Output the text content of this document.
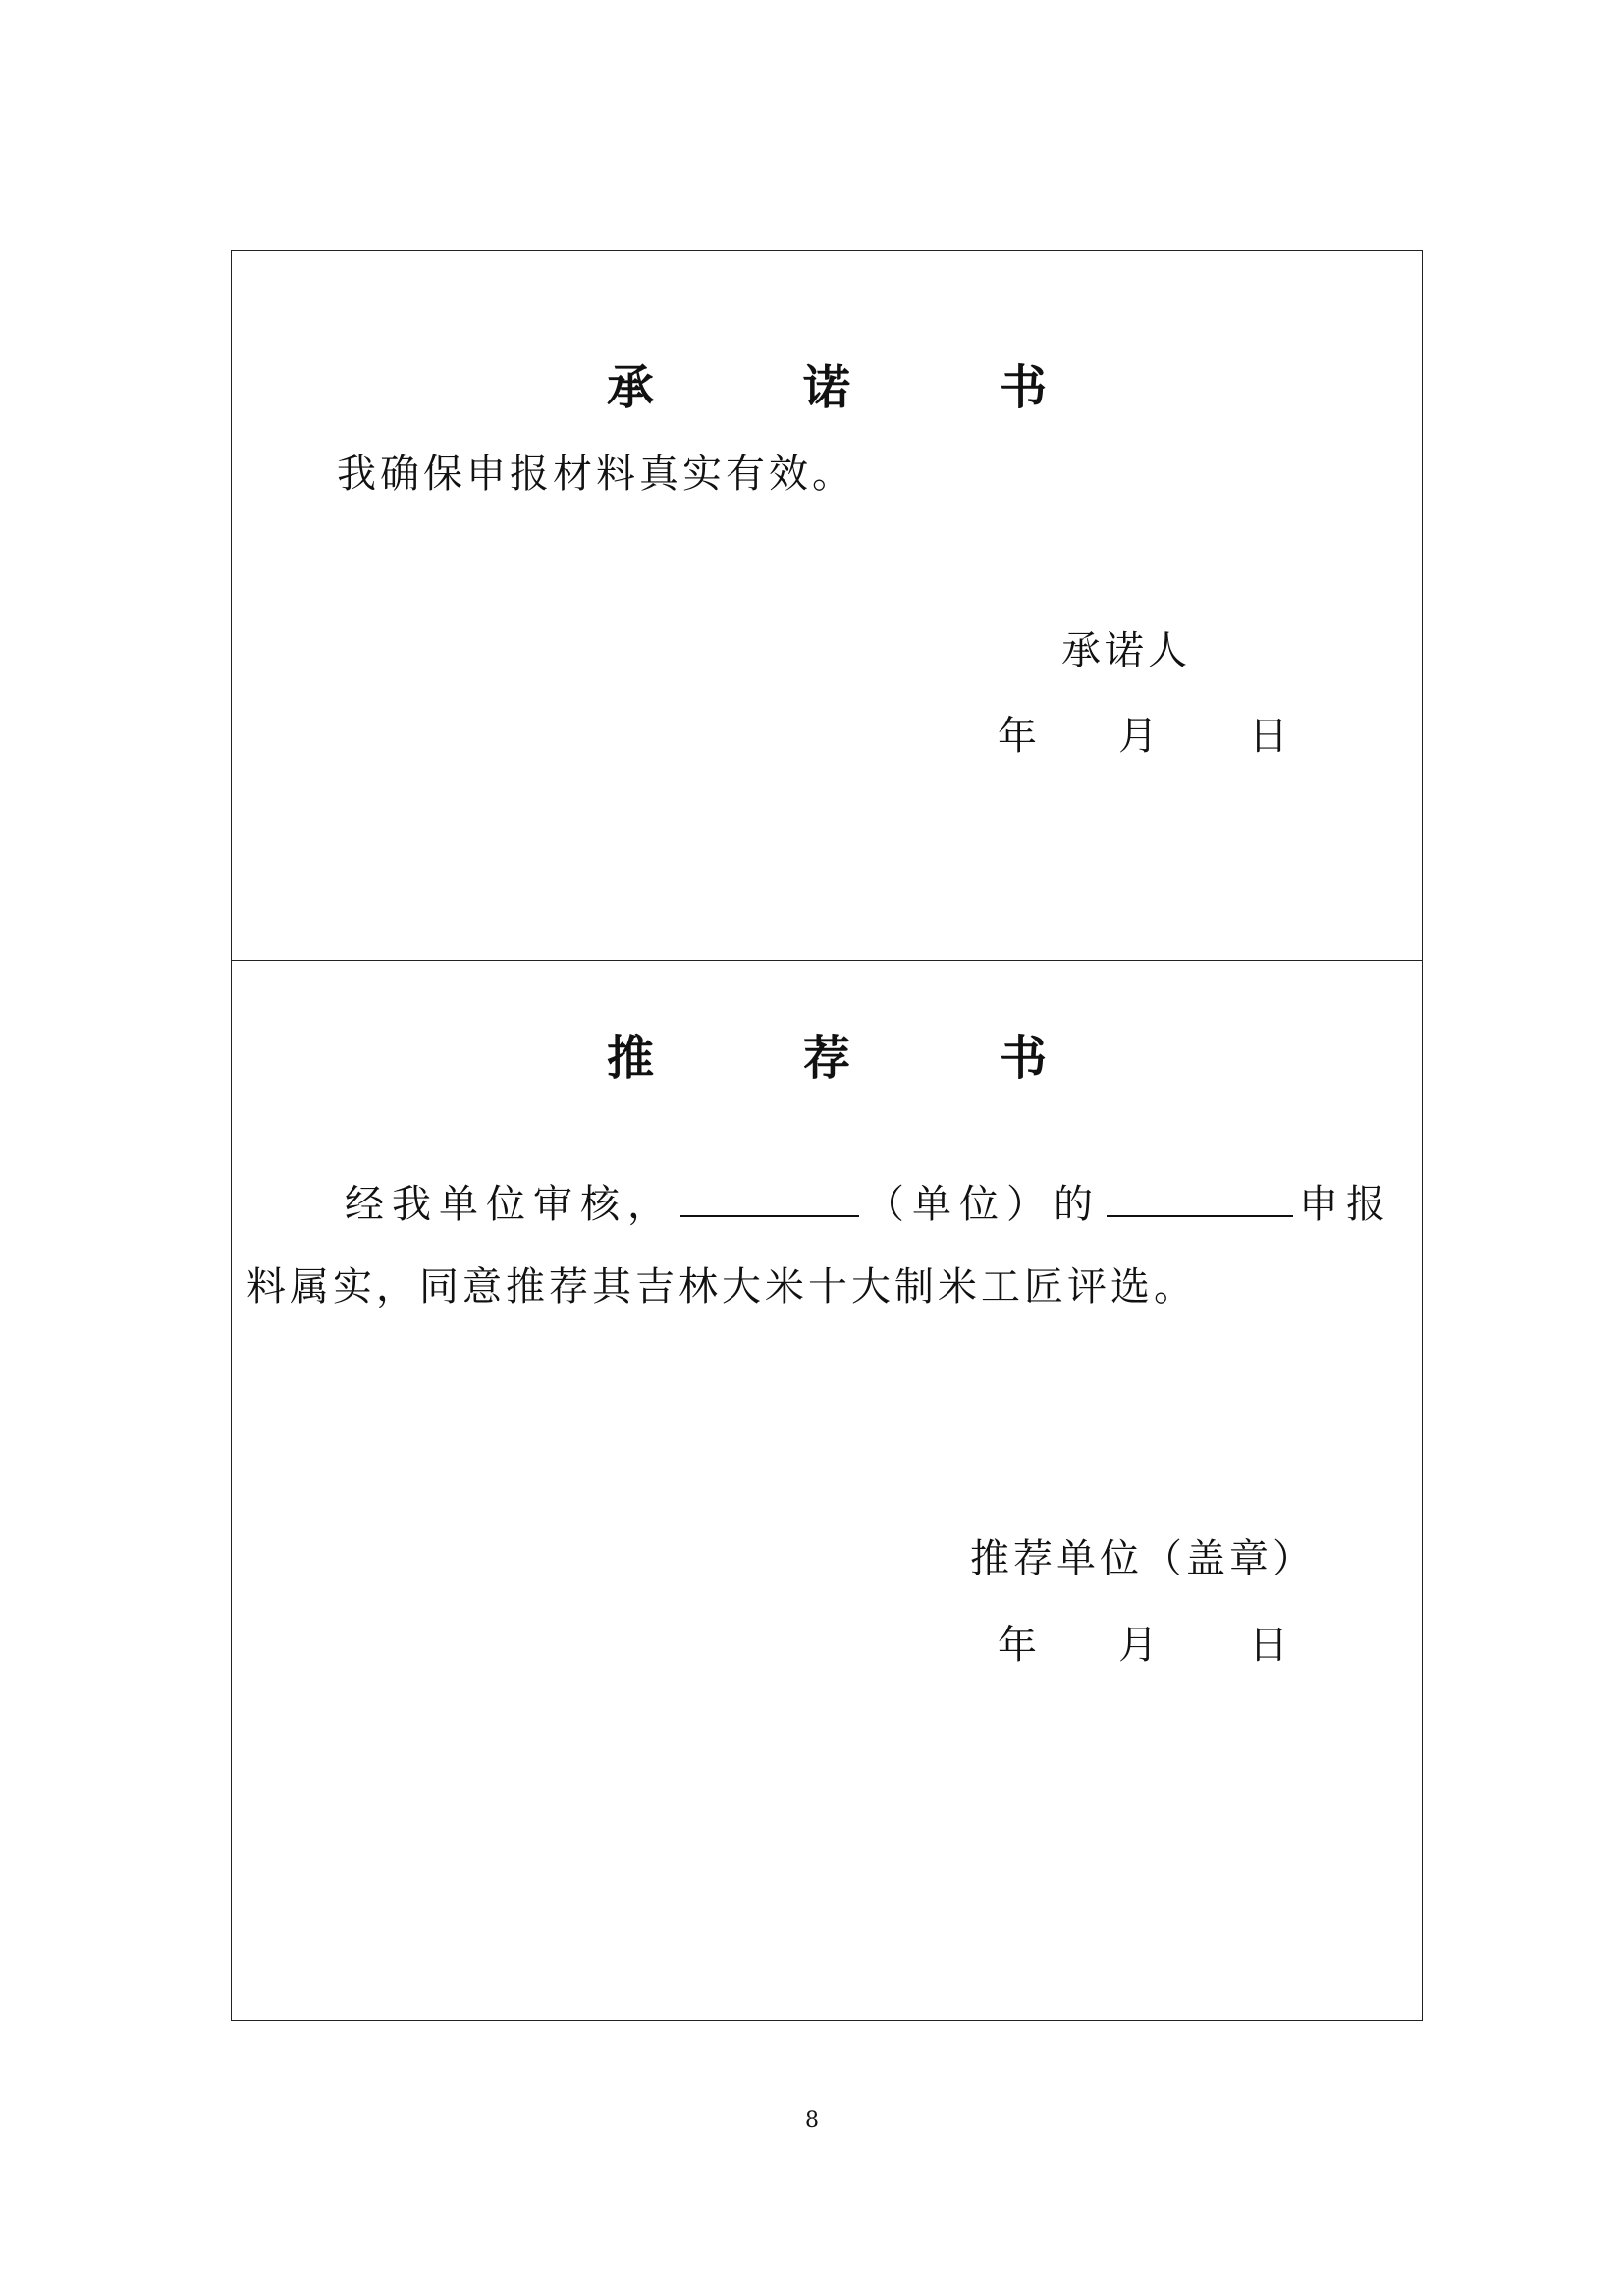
承　诺　书
我确保申报材料真实有效。
承诺人
年 月 日
推　荐　书
经我单位审核，	（单位）的	申报
料属实，同意推荐其吉林大米十大制米工匠评选。
推荐单位（盖章）
年 月 日
8
